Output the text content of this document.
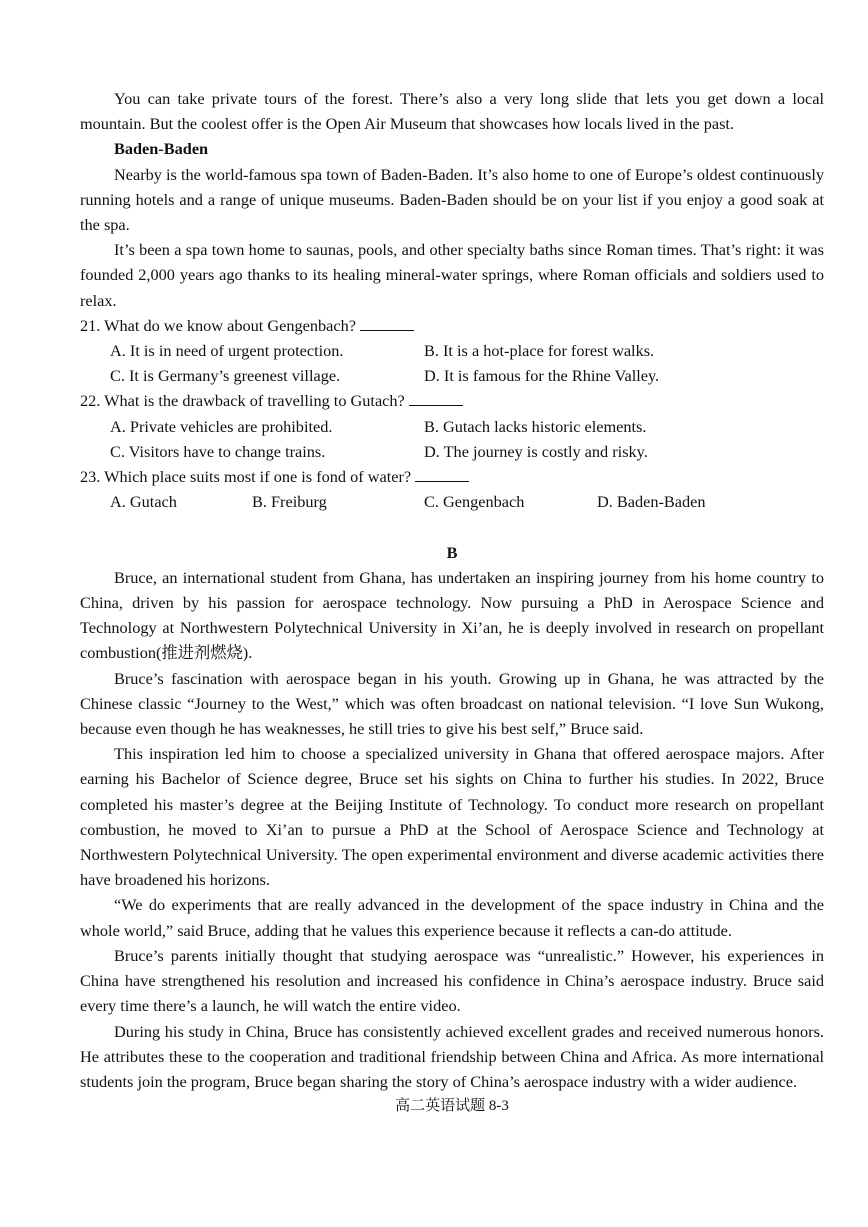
You can take private tours of the forest. There’s also a very long slide that lets you get down a local mountain. But the coolest offer is the Open Air Museum that showcases how locals lived in the past.

Baden-Baden

Nearby is the world-famous spa town of Baden-Baden. It’s also home to one of Europe’s oldest continuously running hotels and a range of unique museums. Baden-Baden should be on your list if you enjoy a good soak at the spa.

It’s been a spa town home to saunas, pools, and other specialty baths since Roman times. That’s right: it was founded 2,000 years ago thanks to its healing mineral-water springs, where Roman officials and soldiers used to relax.

21. What do we know about Gengenbach?
A. It is in need of urgent protection.	B. It is a hot-place for forest walks.
C. It is Germany’s greenest village.	D. It is famous for the Rhine Valley.
22. What is the drawback of travelling to Gutach?
A. Private vehicles are prohibited.	B. Gutach lacks historic elements.
C. Visitors have to change trains.	D. The journey is costly and risky.
23. Which place suits most if one is fond of water?
A. Gutach	B. Freiburg	C. Gengenbach	D. Baden-Baden
B

Bruce, an international student from Ghana, has undertaken an inspiring journey from his home country to China, driven by his passion for aerospace technology. Now pursuing a PhD in Aerospace Science and Technology at Northwestern Polytechnical University in Xi’an, he is deeply involved in research on propellant combustion(推进剂燃烧).

Bruce’s fascination with aerospace began in his youth. Growing up in Ghana, he was attracted by the Chinese classic “Journey to the West,” which was often broadcast on national television. “I love Sun Wukong, because even though he has weaknesses, he still tries to give his best self,” Bruce said.

This inspiration led him to choose a specialized university in Ghana that offered aerospace majors. After earning his Bachelor of Science degree, Bruce set his sights on China to further his studies. In 2022, Bruce completed his master’s degree at the Beijing Institute of Technology. To conduct more research on propellant combustion, he moved to Xi’an to pursue a PhD at the School of Aerospace Science and Technology at Northwestern Polytechnical University. The open experimental environment and diverse academic activities there have broadened his horizons.

“We do experiments that are really advanced in the development of the space industry in China and the whole world,” said Bruce, adding that he values this experience because it reflects a can-do attitude.

Bruce’s parents initially thought that studying aerospace was “unrealistic.” However, his experiences in China have strengthened his resolution and increased his confidence in China’s aerospace industry. Bruce said every time there’s a launch, he will watch the entire video.

During his study in China, Bruce has consistently achieved excellent grades and received numerous honors. He attributes these to the cooperation and traditional friendship between China and Africa. As more international students join the program, Bruce began sharing the story of China’s aerospace industry with a wider audience.

高二英语试题 8-3
